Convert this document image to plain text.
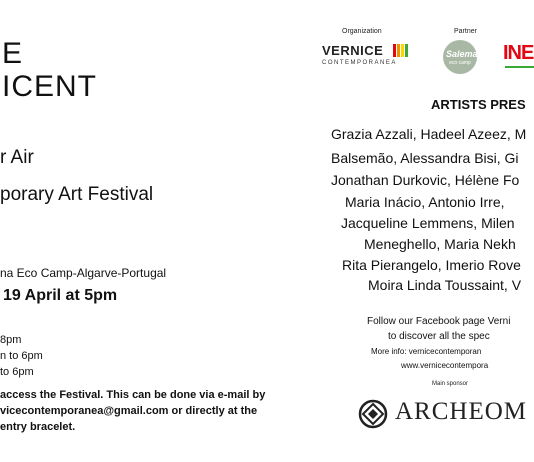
E
ICENT
r Air
porary Art Festival
na Eco Camp-Algarve-Portugal
19 April at 5pm
8pm
n to 6pm
to 6pm
access the Festival. This can be done via e-mail by
vicecontemporanea@gmail.com or directly at the
entry bracelet.
Organization	Partner
VERNICE
CONTEMPORANEA
Salema
eco camp INE
ARTISTS PRES
Grazia Azzali, Hadeel Azeez, M
Balsemão, Alessandra Bisi, Gi
Jonathan Durkovic, Hélène Fo
Maria Inácio, Antonio Irre,
Jacqueline Lemmens, Milen
Meneghello, Maria Nekh
Rita Pierangelo, Imerio Rove
Moira Linda Toussaint, V
Follow our Facebook page Verni
to discover all the spec
More info: vernicecontemporan
www.vernicecontempora
Main sponsor
ARCHEOM
